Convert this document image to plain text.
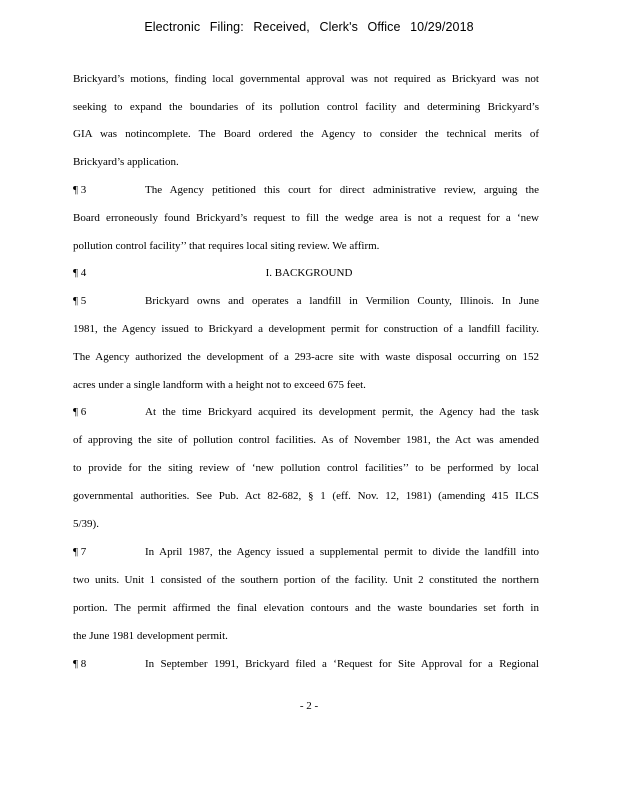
Electronic Filing: Received, Clerk's Office 10/29/2018
Brickyard’s motions, finding local governmental approval was not required as Brickyard was not
seeking to expand the boundaries of its pollution control facility and determining Brickyard’s
GIA was notincomplete. The Board ordered the Agency to consider the technical merits of
Brickyard’s application.
¶ 3	The Agency petitioned this court for direct administrative review, arguing the
Board erroneously found Brickyard’s request to fill the wedge area is not a request for a ‘new
pollution control facility’’ that requires local siting review. We affirm.
¶ 4	I. BACKGROUND
¶ 5	Brickyard owns and operates a landfill in Vermilion County, Illinois. In June
1981, the Agency issued to Brickyard a development permit for construction of a landfill facility.
The Agency authorized the development of a 293-acre site with waste disposal occurring on 152
acres under a single landform with a height not to exceed 675 feet.
¶ 6	At the time Brickyard acquired its development permit, the Agency had the task
of approving the site of pollution control facilities. As of November 1981, the Act was amended
to provide for the siting review of ‘new pollution control facilities’’ to be performed by local
governmental authorities. See Pub. Act 82-682, § 1 (eff. Nov. 12, 1981) (amending 415 ILCS
5/39).
¶ 7	In April 1987, the Agency issued a supplemental permit to divide the landfill into
two units. Unit 1 consisted of the southern portion of the facility. Unit 2 constituted the northern
portion. The permit affirmed the final elevation contours and the waste boundaries set forth in
the June 1981 development permit.
¶ 8	In September 1991, Brickyard filed a ‘Request for Site Approval for a Regional
- 2 -
